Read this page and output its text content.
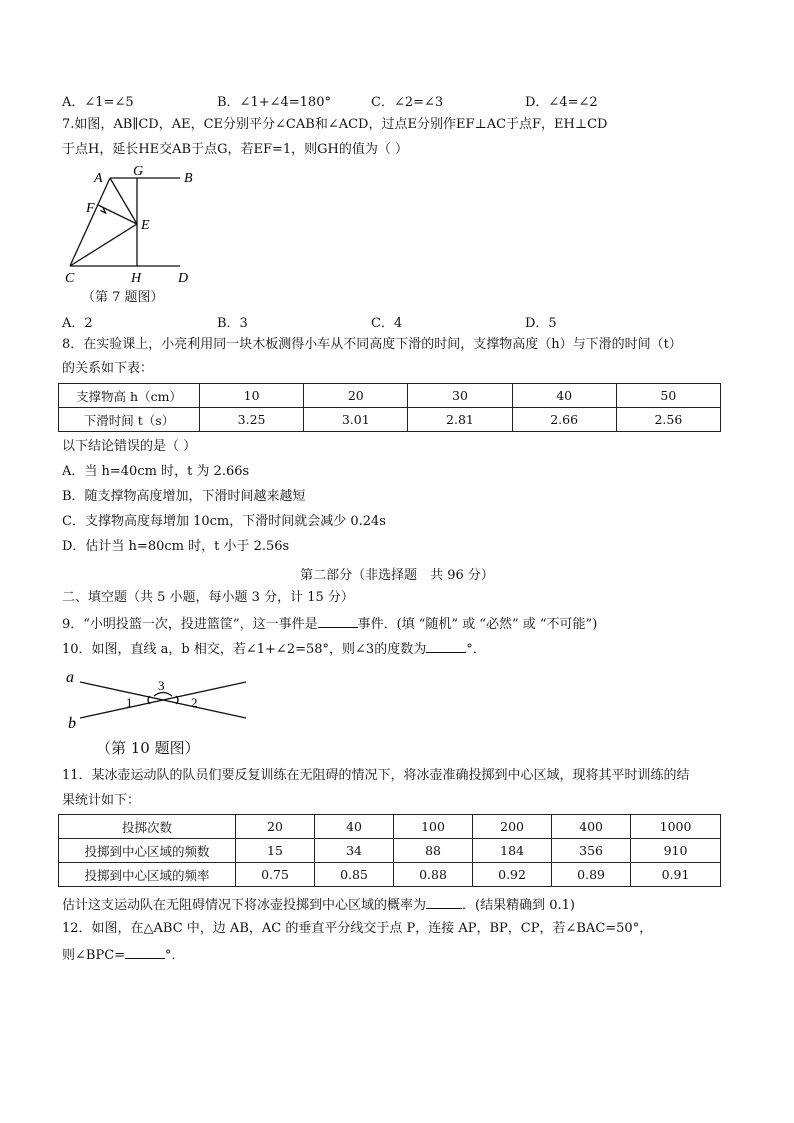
A．∠1=∠5	B．∠1+∠4=180°	C．∠2=∠3	D．∠4=∠2
7.如图，AB∥CD，AE，CE分别平分∠CAB和∠ACD，过点E分别作EF⊥AC于点F，EH⊥CD
于点H，延长HE交AB于点G，若EF=1，则GH的值为（ ）
A G	B
F
E
C	H	D
（第 7 题图）
A．2	B．3	C．4	D．5
8．在实验课上，小亮利用同一块木板测得小车从不同高度下滑的时间，支撑物高度（h）与下滑的时间（t）
的关系如下表：
支撑物高 h（cm）	10	20	30	40	50
下滑时间 t（s）	3.25	3.01	2.81	2.66	2.56
以下结论错误的是（ ）
A．当 h=40cm 时，t 为 2.66s
B．随支撑物高度增加，下滑时间越来越短
C．支撑物高度每增加 10cm，下滑时间就会减少 0.24s
D．估计当 h=80cm 时，t 小于 2.56s
第二部分（非选择题　共 96 分）
二、填空题（共 5 小题，每小题 3 分，计 15 分）
9．“小明投篮一次，投进篮筐”，这一事件是	事件．(填 “随机” 或 “必然” 或 “不可能”)
10．如图，直线 a，b 相交，若∠1+∠2=58°，则∠3的度数为	°．
a
b
1	2
3
（第 10 题图）
11．某冰壶运动队的队员们要反复训练在无阻碍的情况下，将冰壶准确投掷到中心区域，现将其平时训练的结
果统计如下：
投掷次数	20	40	100	200	400	1000
投掷到中心区域的频数	15	34	88	184	356	910
投掷到中心区域的频率	0.75	0.85	0.88	0.92	0.89	0.91
估计这支运动队在无阻碍情况下将冰壶投掷到中心区域的概率为	．(结果精确到 0.1)
12．如图，在△ABC 中，边 AB，AC 的垂直平分线交于点 P，连接 AP，BP，CP，若∠BAC=50°，
则∠BPC=	°．
